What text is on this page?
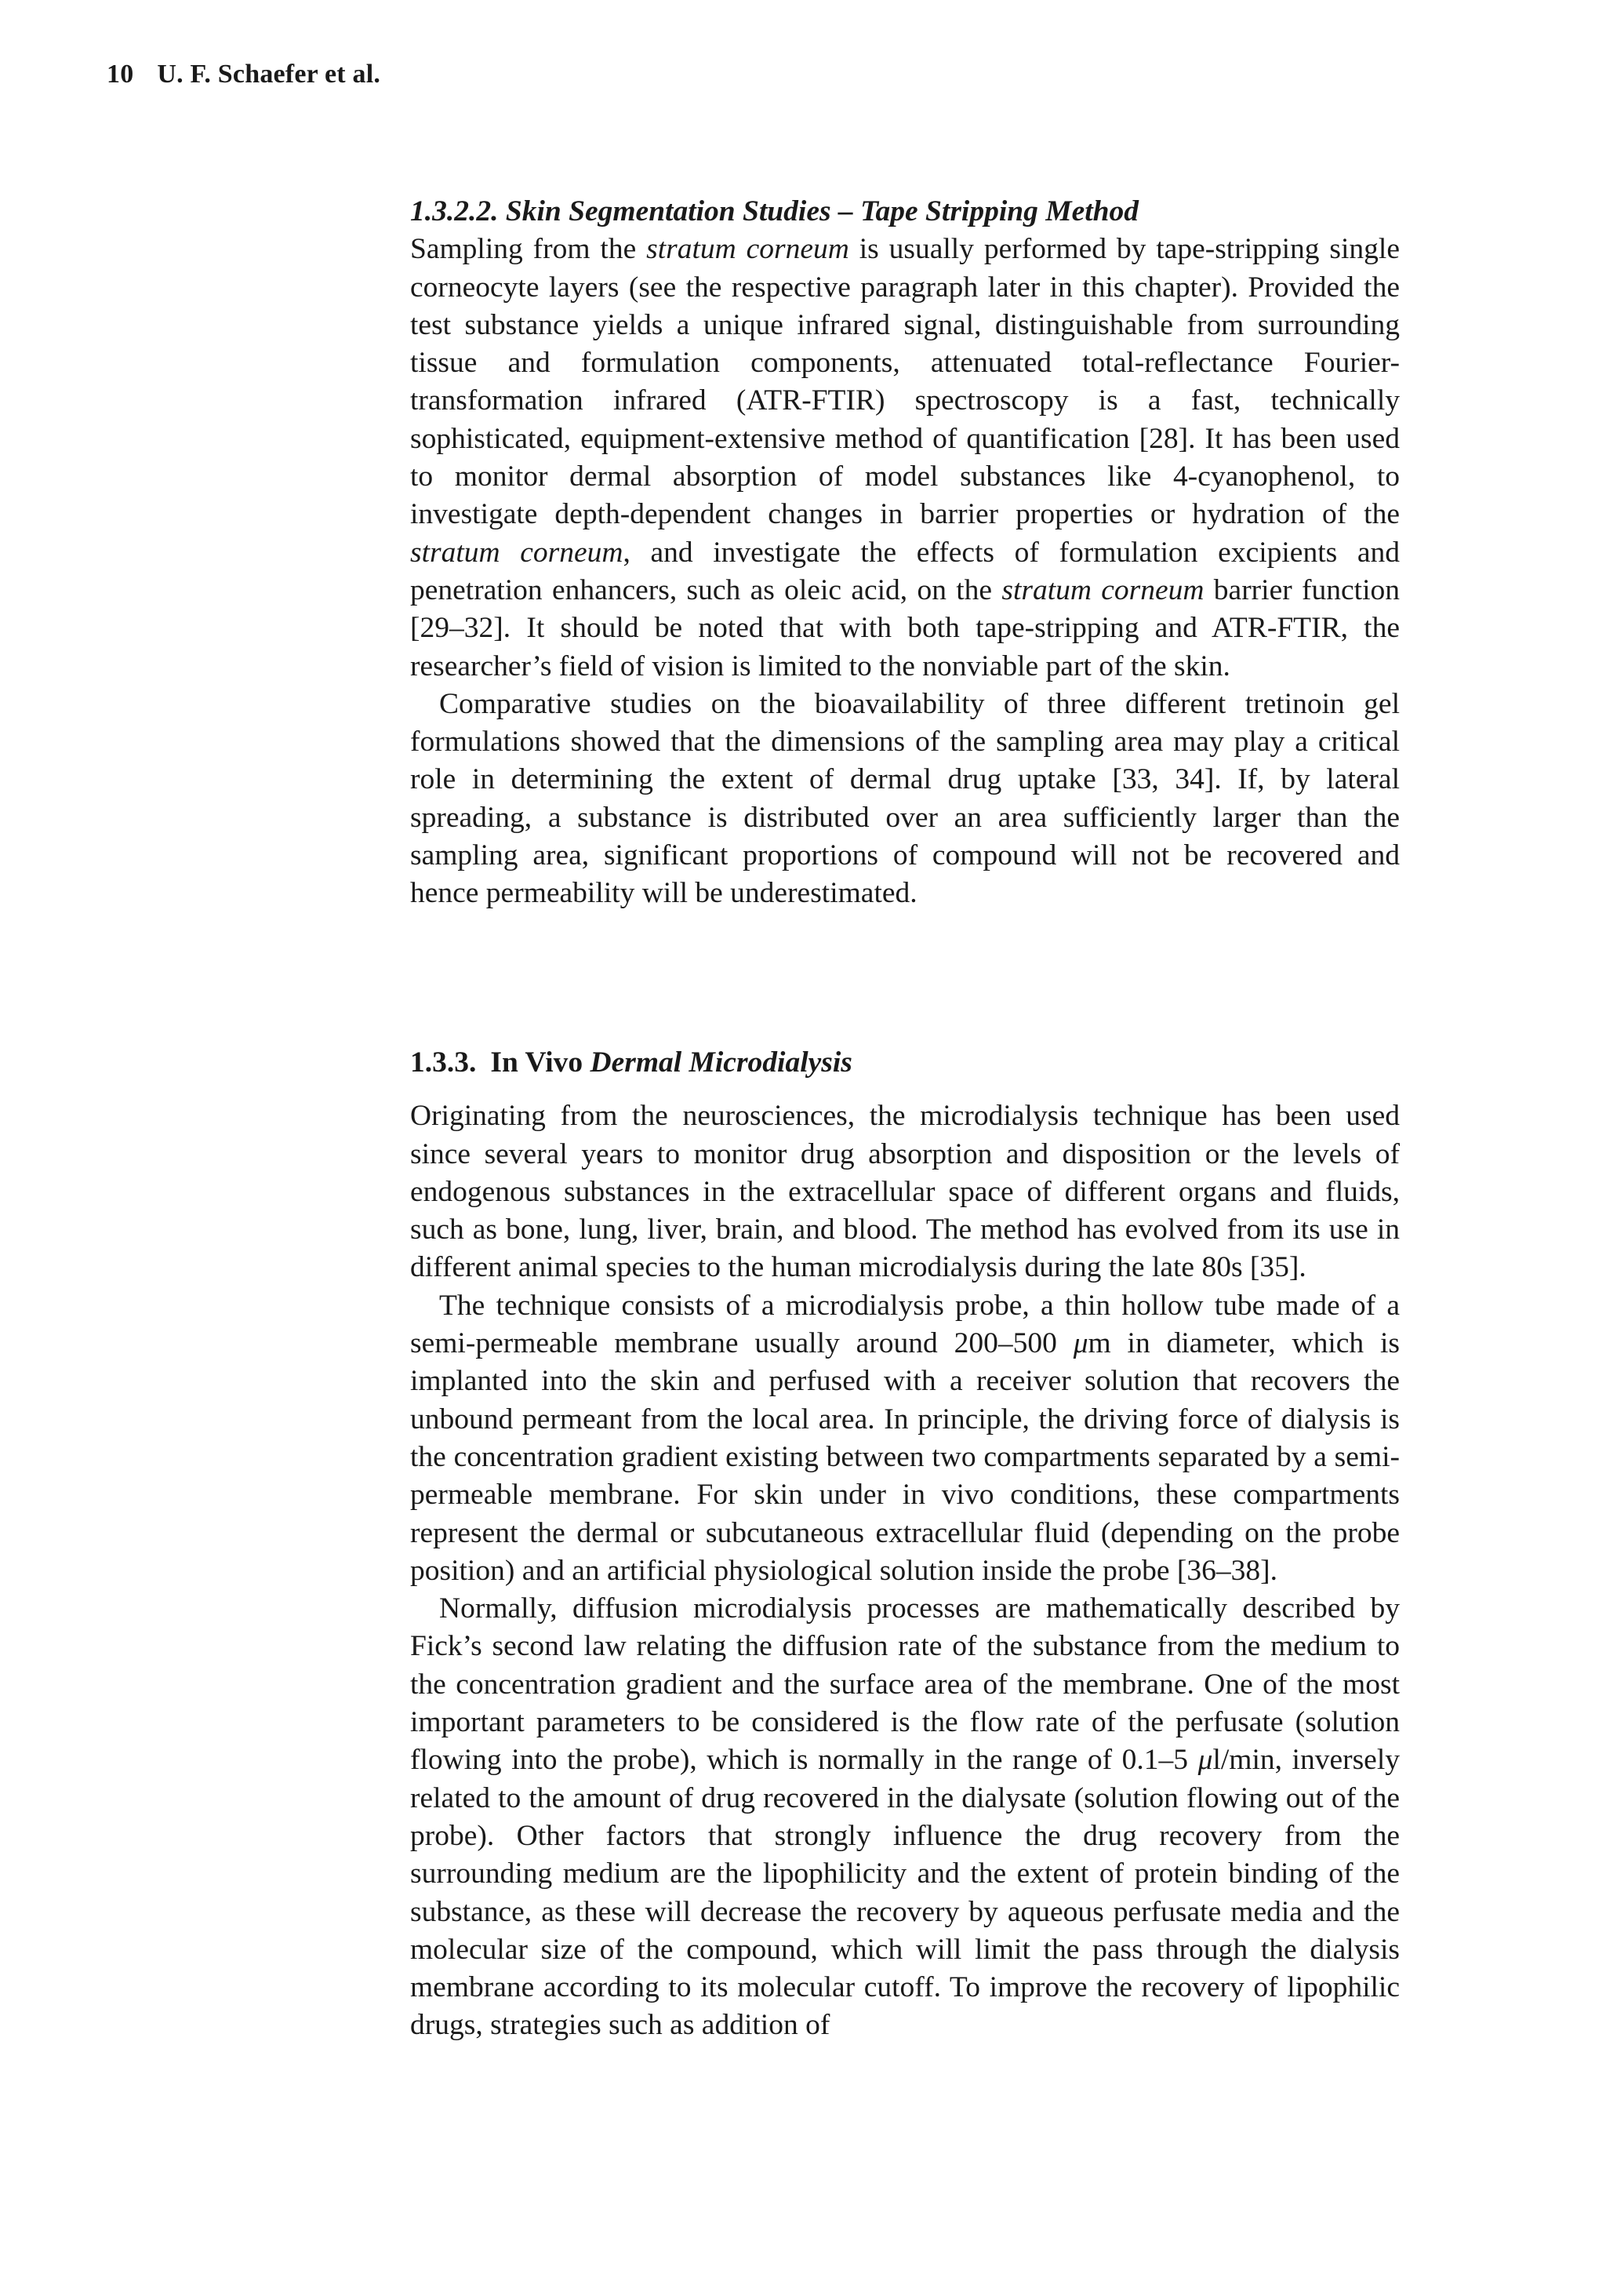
10 U. F. Schaefer et al.
1.3.2.2. Skin Segmentation Studies – Tape Stripping Method

Sampling from the stratum corneum is usually performed by tape-stripping single corneocyte layers (see the respective paragraph later in this chapter). Provided the test substance yields a unique infrared signal, distinguishable from surrounding tissue and formulation components, attenuated total-reflectance Fourier-transformation infrared (ATR-FTIR) spectroscopy is a fast, technically sophisticated, equipment-extensive method of quantification [28]. It has been used to monitor dermal absorption of model substances like 4-cyanophenol, to investigate depth-dependent changes in barrier properties or hydration of the stratum corneum, and investigate the effects of formulation excipients and penetration enhancers, such as oleic acid, on the stratum corneum barrier function [29–32]. It should be noted that with both tape-stripping and ATR-FTIR, the researcher’s field of vision is limited to the nonviable part of the skin.

Comparative studies on the bioavailability of three different tretinoin gel formulations showed that the dimensions of the sampling area may play a critical role in determining the extent of dermal drug uptake [33, 34]. If, by lateral spreading, a substance is distributed over an area sufficiently larger than the sampling area, significant proportions of compound will not be recovered and hence permeability will be underestimated.

1.3.3. In Vivo Dermal Microdialysis

Originating from the neurosciences, the microdialysis technique has been used since several years to monitor drug absorption and disposition or the levels of endogenous substances in the extracellular space of different organs and fluids, such as bone, lung, liver, brain, and blood. The method has evolved from its use in different animal species to the human microdialysis during the late 80s [35].

The technique consists of a microdialysis probe, a thin hollow tube made of a semi-permeable membrane usually around 200–500 μm in diameter, which is implanted into the skin and perfused with a receiver solution that recovers the unbound permeant from the local area. In principle, the driving force of dialysis is the concentration gradient existing between two compartments separated by a semi-permeable membrane. For skin under in vivo conditions, these compartments represent the dermal or subcutaneous extracellular fluid (depending on the probe position) and an artificial physiological solution inside the probe [36–38].

Normally, diffusion microdialysis processes are mathematically described by Fick’s second law relating the diffusion rate of the substance from the medium to the concentration gradient and the surface area of the membrane. One of the most important parameters to be considered is the flow rate of the perfusate (solution flowing into the probe), which is normally in the range of 0.1–5 μl/min, inversely related to the amount of drug recovered in the dialysate (solution flowing out of the probe). Other factors that strongly influence the drug recovery from the surrounding medium are the lipophilicity and the extent of protein binding of the substance, as these will decrease the recovery by aqueous perfusate media and the molecular size of the compound, which will limit the pass through the dialysis membrane according to its molecular cutoff. To improve the recovery of lipophilic drugs, strategies such as addition of
